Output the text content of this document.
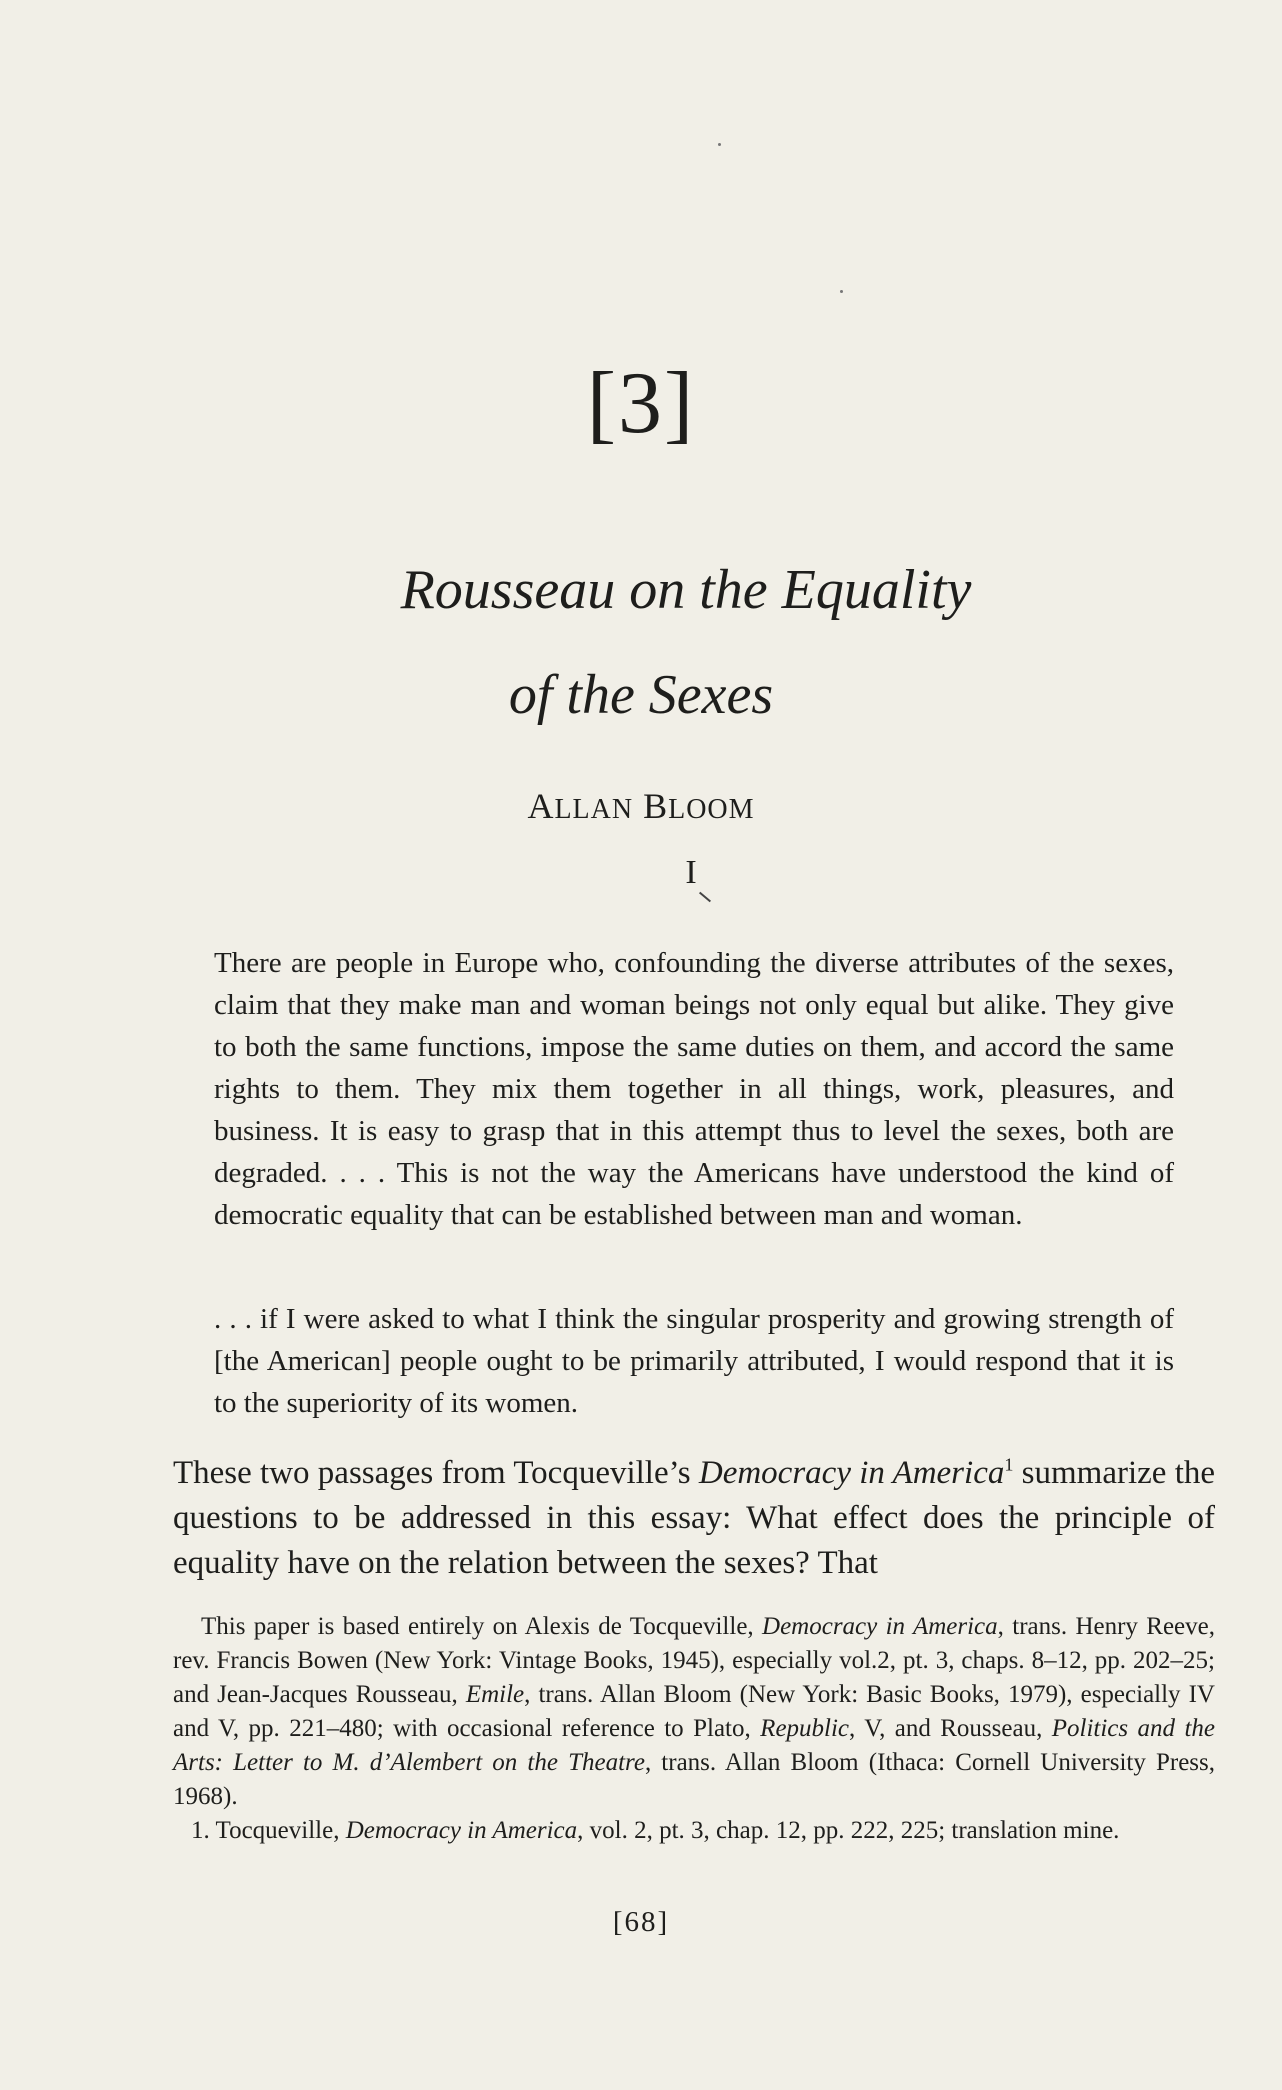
[3]
Rousseau on the Equality
of the Sexes
ALLAN BLOOM
I
There are people in Europe who, confounding the diverse attributes of the sexes, claim that they make man and woman beings not only equal but alike. They give to both the same functions, impose the same duties on them, and accord the same rights to them. They mix them together in all things, work, pleasures, and business. It is easy to grasp that in this attempt thus to level the sexes, both are degraded. . . . This is not the way the Americans have understood the kind of democratic equality that can be established between man and woman.
. . . if I were asked to what I think the singular prosperity and growing strength of [the American] people ought to be primarily attributed, I would respond that it is to the superiority of its women.
These two passages from Tocqueville’s Democracy in America$^1$ summarize the questions to be addressed in this essay: What effect does the principle of equality have on the relation between the sexes? That

This paper is based entirely on Alexis de Tocqueville, Democracy in America, trans. Henry Reeve, rev. Francis Bowen (New York: Vintage Books, 1945), especially vol.2, pt. 3, chaps. 8–12, pp. 202–25; and Jean-Jacques Rousseau, Emile, trans. Allan Bloom (New York: Basic Books, 1979), especially IV and V, pp. 221–480; with occasional reference to Plato, Republic, V, and Rousseau, Politics and the Arts: Letter to M. d’Alembert on the Theatre, trans. Allan Bloom (Ithaca: Cornell University Press, 1968).

1. Tocqueville, Democracy in America, vol. 2, pt. 3, chap. 12, pp. 222, 225; translation mine.

[68]
